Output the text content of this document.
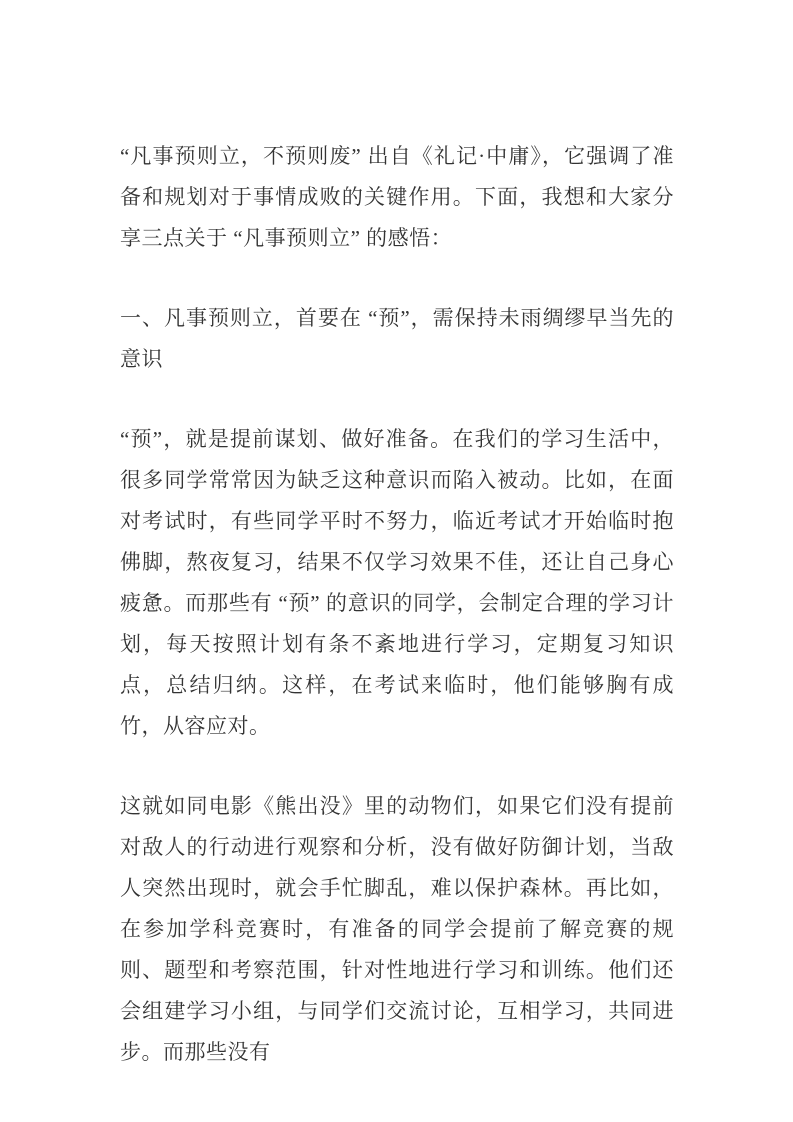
“凡事预则立，不预则废” 出自《礼记·中庸》，它强调了准备和规划对于事情成败的关键作用。下面，我想和大家分享三点关于 “凡事预则立” 的感悟：

一、凡事预则立，首要在 “预”，需保持未雨绸缪早当先的意识

“预”，就是提前谋划、做好准备。在我们的学习生活中，很多同学常常因为缺乏这种意识而陷入被动。比如，在面对考试时，有些同学平时不努力，临近考试才开始临时抱佛脚，熬夜复习，结果不仅学习效果不佳，还让自己身心疲惫。而那些有 “预” 的意识的同学，会制定合理的学习计划，每天按照计划有条不紊地进行学习，定期复习知识点，总结归纳。这样，在考试来临时，他们能够胸有成竹，从容应对。

这就如同电影《熊出没》里的动物们，如果它们没有提前对敌人的行动进行观察和分析，没有做好防御计划，当敌人突然出现时，就会手忙脚乱，难以保护森林。再比如，在参加学科竞赛时，有准备的同学会提前了解竞赛的规则、题型和考察范围，针对性地进行学习和训练。他们还会组建学习小组，与同学们交流讨论，互相学习，共同进步。而那些没有
